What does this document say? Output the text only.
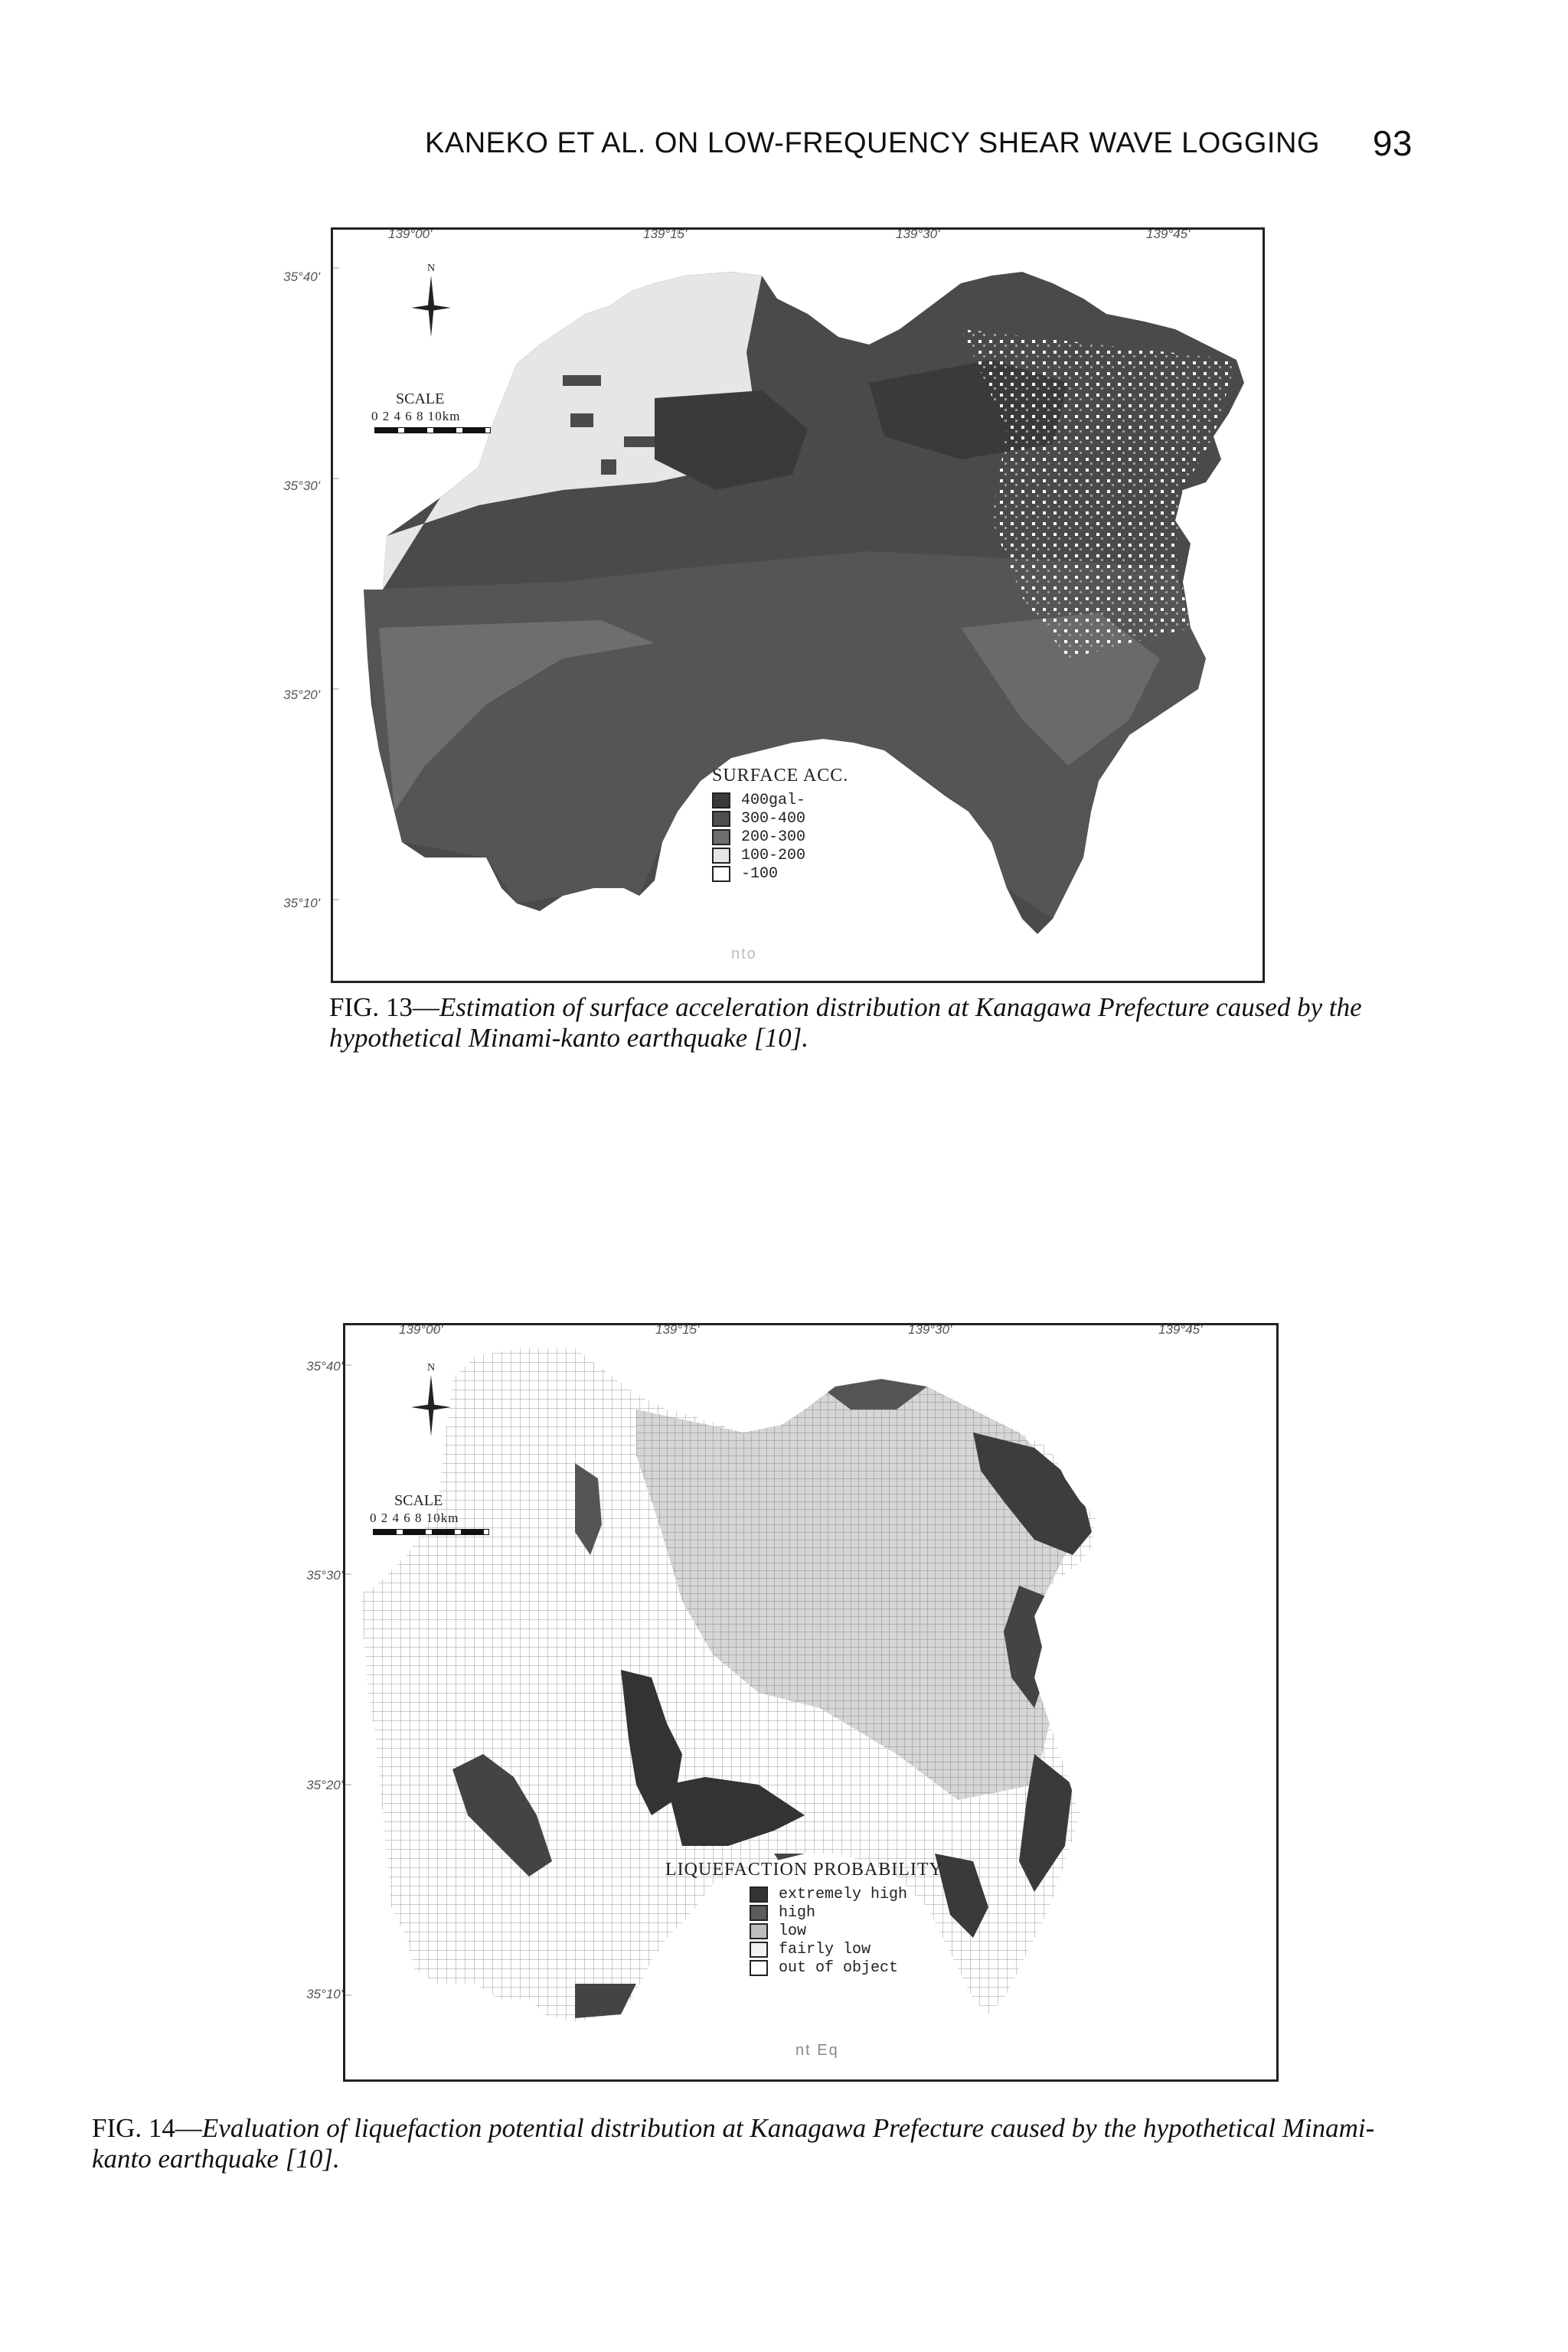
KANEKO ET AL. ON LOW-FREQUENCY SHEAR WAVE LOGGING 93
139°00'	139°15'	139°30'	139°45'
N
SCALE
0 2 4 6 8 10km
SURFACE ACC.
400gal-
300-400
200-300
100-200
-100
nto
35°40'
35°30'
35°20'
35°10'
FIG. 13—Estimation of surface acceleration distribution at Kanagawa Prefecture caused by the hypothetical Minami-kanto earthquake [10].
139°00'	139°15'	139°30'	139°45'
N
SCALE
0 2 4 6 8 10km
LIQUEFACTION PROBABILITY
extremely high
high
low
fairly low
out of object
nt Eq
35°40'
35°30'
35°20'
35°10'
FIG. 14—Evaluation of liquefaction potential distribution at Kanagawa Prefecture caused by the hypothetical Minami-kanto earthquake [10].
